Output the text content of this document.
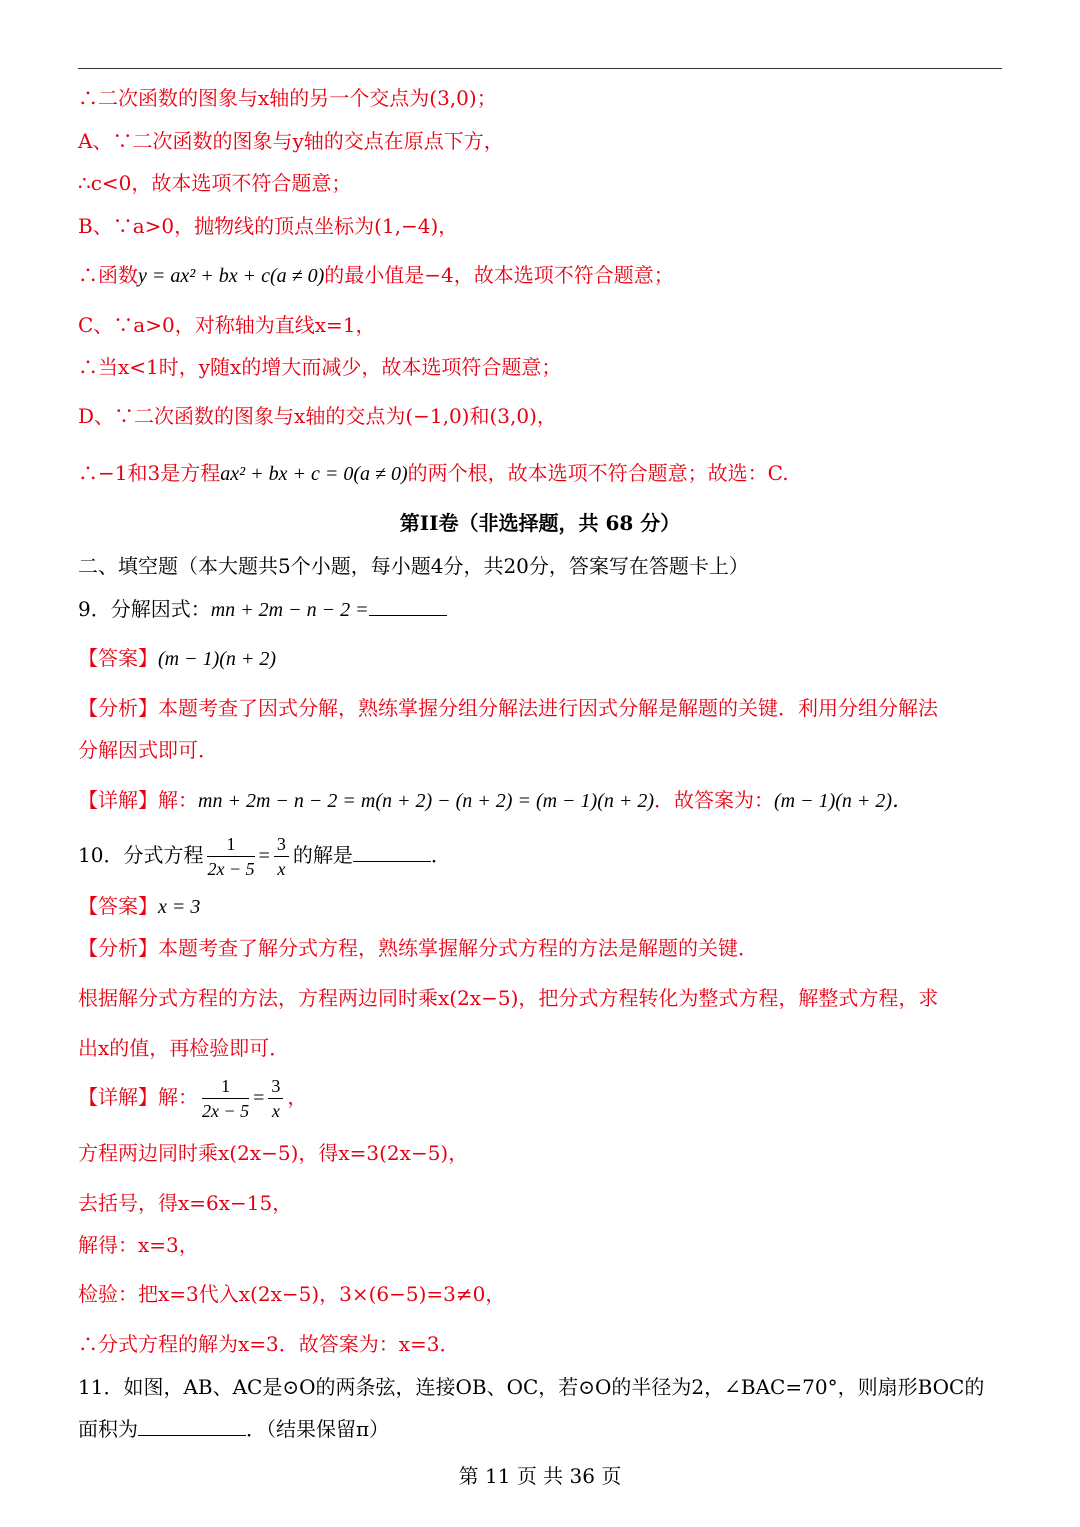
∴二次函数的图象与x轴的另一个交点为(3,0)；
A、∵二次函数的图象与y轴的交点在原点下方，
∴c<0，故本选项不符合题意；
B、∵a>0，抛物线的顶点坐标为(1,−4)，
∴函数y = ax² + bx + c(a ≠ 0)的最小值是−4，故本选项不符合题意；
C、∵a>0，对称轴为直线x=1，
∴当x<1时，y随x的增大而减少，故本选项符合题意；
D、∵二次函数的图象与x轴的交点为(−1,0)和(3,0)，
∴−1和3是方程ax² + bx + c = 0(a ≠ 0)的两个根，故本选项不符合题意；故选：C.
第II卷（非选择题，共 68 分）
二、填空题（本大题共5个小题，每小题4分，共20分，答案写在答题卡上）
9．分解因式：mn + 2m − n − 2 =
【答案】(m − 1)(n + 2)
【分析】本题考查了因式分解，熟练掌握分组分解法进行因式分解是解题的关键．利用分组分解法
分解因式即可．
【详解】解：mn + 2m − n − 2 = m(n + 2) − (n + 2) = (m − 1)(n + 2)．故答案为：(m − 1)(n + 2)．
10．分式方程 $\frac{1}{2x - 5} = \frac{3}{x}$ 的解是	．
【答案】x = 3
【分析】本题考查了解分式方程，熟练掌握解分式方程的方法是解题的关键．
根据解分式方程的方法，方程两边同时乘x(2x−5)，把分式方程转化为整式方程，解整式方程，求
出x的值，再检验即可．
【详解】解： $\frac{1}{2x - 5} = \frac{3}{x}$ ，
方程两边同时乘x(2x−5)，得x=3(2x−5)，
去括号，得x=6x−15，
解得：x=3，
检验：把x=3代入x(2x−5)，3×(6−5)=3≠0，
∴分式方程的解为x=3．故答案为：x=3．
11．如图，AB、AC是⊙O的两条弦，连接OB、OC，若⊙O的半径为2，∠BAC=70°，则扇形BOC的
面积为	．（结果保留π）
第 11 页 共 36 页
